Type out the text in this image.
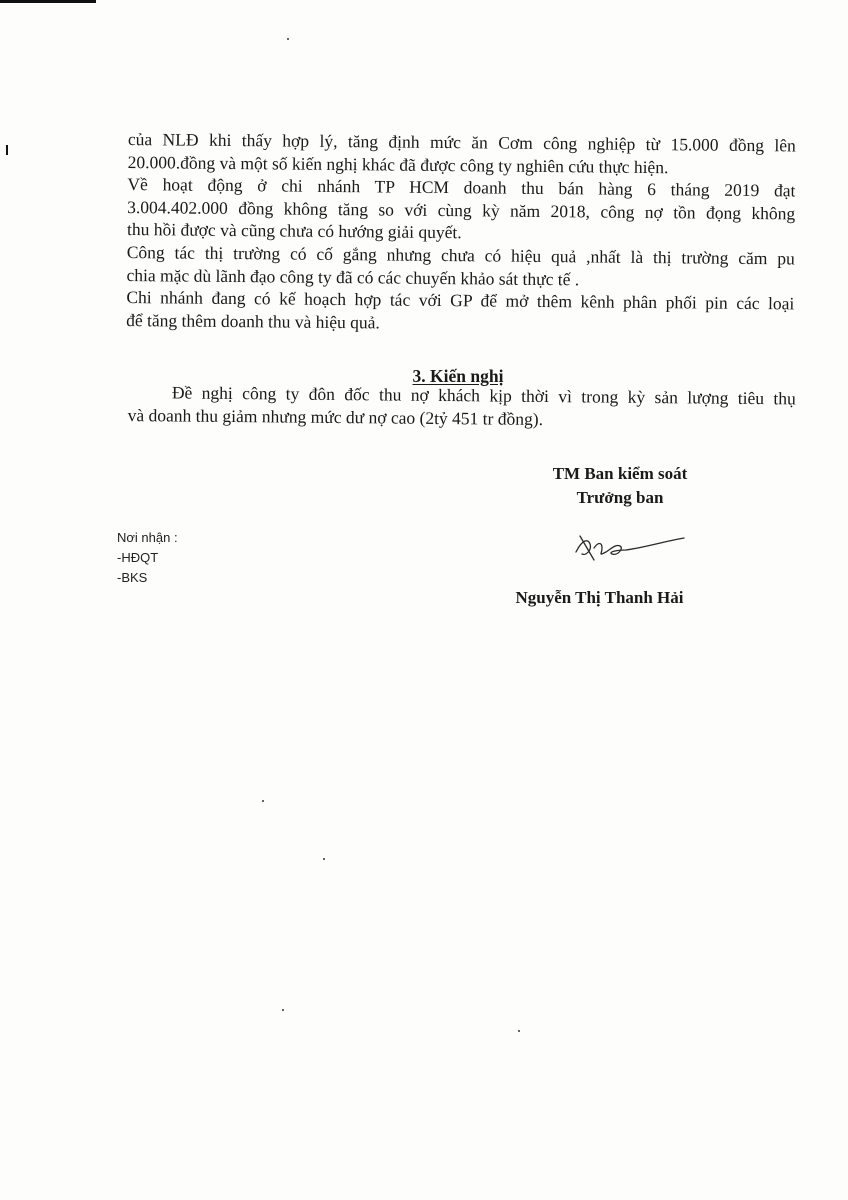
của NLĐ khi thấy hợp lý, tăng định mức ăn Cơm công nghiệp từ 15.000 đồng lên

20.000.đồng và một số kiến nghị khác đã được công ty nghiên cứu thực hiện.

Về hoạt động ở chi nhánh TP HCM doanh thu bán hàng 6 tháng 2019 đạt

3.004.402.000 đồng không tăng so với cùng kỳ năm 2018, công nợ tồn đọng không

thu hồi được và cũng chưa có hướng giải quyết.

Công tác thị trường có cố gắng nhưng chưa có hiệu quả ,nhất là thị trường căm pu

chia mặc dù lãnh đạo công ty đã có các chuyến khảo sát thực tế .

Chi nhánh đang có kế hoạch hợp tác với GP để mở thêm kênh phân phối pin các loại

để tăng thêm doanh thu và hiệu quả.

3. Kiến nghị

Đề nghị công ty đôn đốc thu nợ khách kịp thời vì trong kỳ sản lượng tiêu thụ

và doanh thu giảm nhưng mức dư nợ cao (2tỷ 451 tr đồng).

TM Ban kiểm soát
Trưởng ban
Nguyễn Thị Thanh Hải
Nơi nhận :
-HĐQT
-BKS
